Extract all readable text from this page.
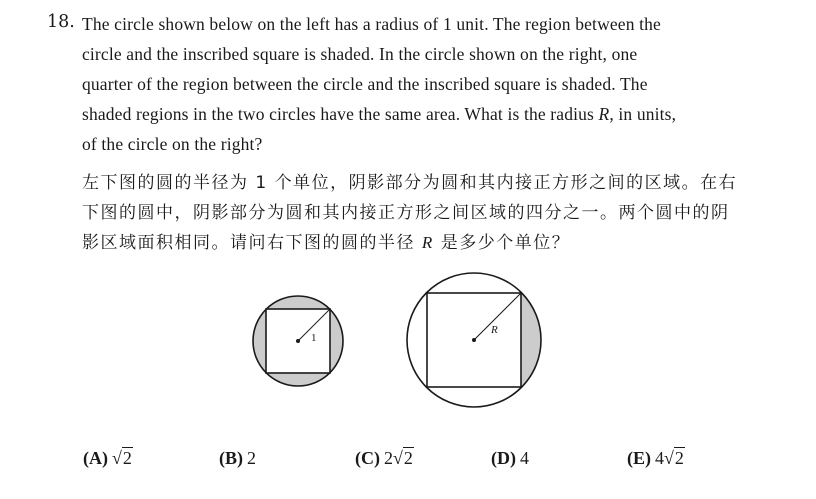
18. The circle shown below on the left has a radius of 1 unit. The region between the
circle and the inscribed square is shaded. In the circle shown on the right, one
quarter of the region between the circle and the inscribed square is shaded. The
shaded regions in the two circles have the same area. What is the radius R, in units,
of the circle on the right?
左下图的圆的半径为 1 个单位，阴影部分为圆和其内接正方形之间的区域。在右
下图的圆中，阴影部分为圆和其内接正方形之间区域的四分之一。两个圆中的阴
影区域面积相同。请问右下图的圆的半径 R 是多少个单位？
1
R
(A) √2	(B) 2	(C) 2√2	(D) 4	(E) 4√2
